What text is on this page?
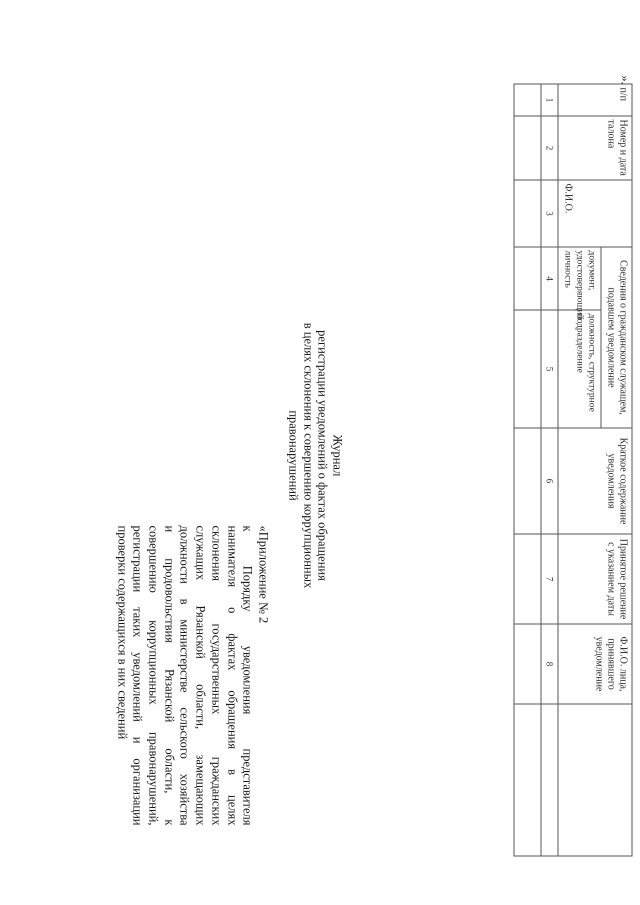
«Приложение № 2
к Порядку уведомления представителя
нанимателя о фактах обращения в целях
склонения государственных гражданских
служащих Рязанской области, замещающих
должности в министерстве сельского хозяйства
и продовольствия Рязанской области, к
совершению коррупционных правонарушений,
регистрации таких уведомлений и организации
проверки содержащихся в них сведений
Журнал
регистрации уведомлений о фактах обращения
в целях склонения к совершению коррупционных правонарушений
».
п/п	Номер и дата талона	Ф.И.О.	Сведения о гражданском служащем, подавшем уведомление		Краткое содержание уведомления	Принятое решение с указанием даты	Ф.И.О. лица, принявшего уведомление	
			документ, удостоверяющий личность	должность, структурное подразделение				
1	2	3	4	5	6	7	8	
